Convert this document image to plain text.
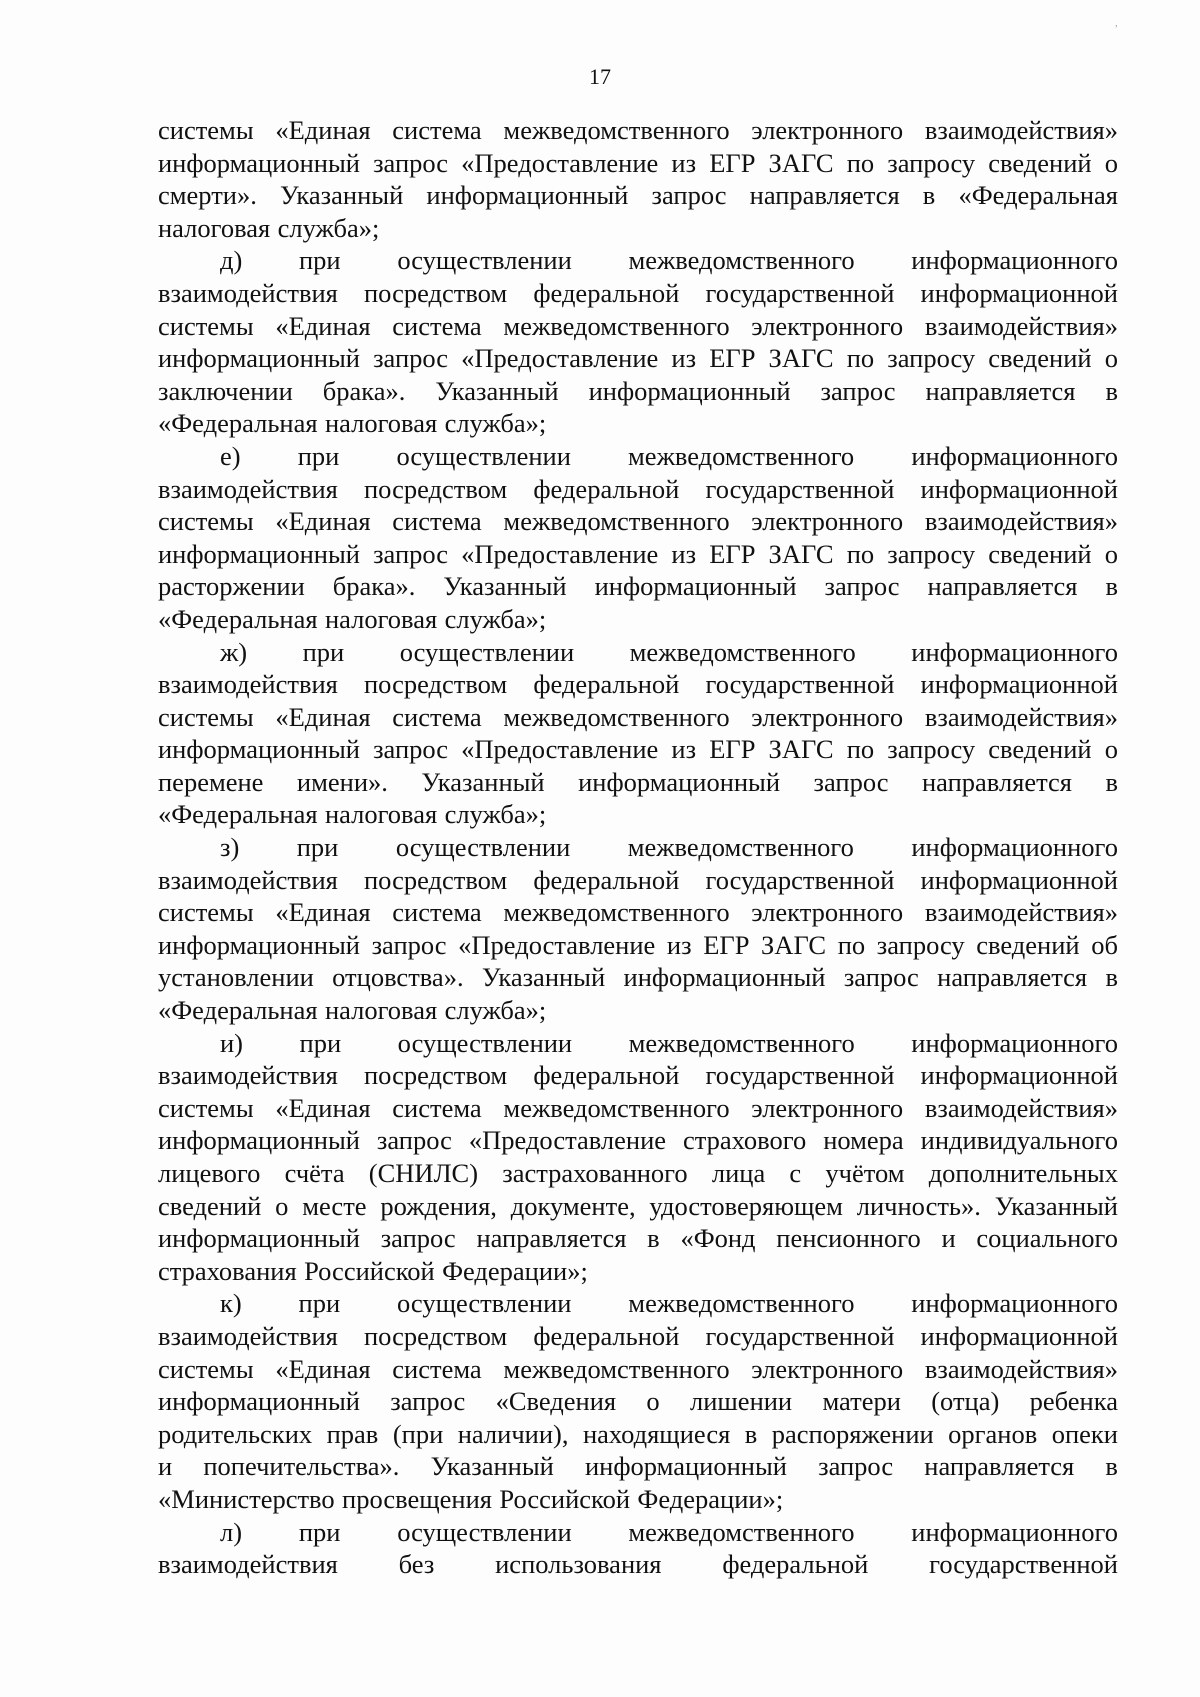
’
17
системы «Единая система межведомственного электронного взаимодействия»
информационный запрос «Предоставление из ЕГР ЗАГС по запросу сведений о
смерти». Указанный информационный запрос направляется в «Федеральная
налоговая служба»;
д) при осуществлении межведомственного информационного
взаимодействия посредством федеральной государственной информационной
системы «Единая система межведомственного электронного взаимодействия»
информационный запрос «Предоставление из ЕГР ЗАГС по запросу сведений о
заключении брака». Указанный информационный запрос направляется в
«Федеральная налоговая служба»;
е) при осуществлении межведомственного информационного
взаимодействия посредством федеральной государственной информационной
системы «Единая система межведомственного электронного взаимодействия»
информационный запрос «Предоставление из ЕГР ЗАГС по запросу сведений о
расторжении брака». Указанный информационный запрос направляется в
«Федеральная налоговая служба»;
ж) при осуществлении межведомственного информационного
взаимодействия посредством федеральной государственной информационной
системы «Единая система межведомственного электронного взаимодействия»
информационный запрос «Предоставление из ЕГР ЗАГС по запросу сведений о
перемене имени». Указанный информационный запрос направляется в
«Федеральная налоговая служба»;
з) при осуществлении межведомственного информационного
взаимодействия посредством федеральной государственной информационной
системы «Единая система межведомственного электронного взаимодействия»
информационный запрос «Предоставление из ЕГР ЗАГС по запросу сведений об
установлении отцовства». Указанный информационный запрос направляется в
«Федеральная налоговая служба»;
и) при осуществлении межведомственного информационного
взаимодействия посредством федеральной государственной информационной
системы «Единая система межведомственного электронного взаимодействия»
информационный запрос «Предоставление страхового номера индивидуального
лицевого счёта (СНИЛС) застрахованного лица с учётом дополнительных
сведений о месте рождения, документе, удостоверяющем личность». Указанный
информационный запрос направляется в «Фонд пенсионного и социального
страхования Российской Федерации»;
к) при осуществлении межведомственного информационного
взаимодействия посредством федеральной государственной информационной
системы «Единая система межведомственного электронного взаимодействия»
информационный запрос «Сведения о лишении матери (отца) ребенка
родительских прав (при наличии), находящиеся в распоряжении органов опеки
и попечительства». Указанный информационный запрос направляется в
«Министерство просвещения Российской Федерации»;
л) при осуществлении межведомственного информационного
взаимодействия без использования федеральной государственной
